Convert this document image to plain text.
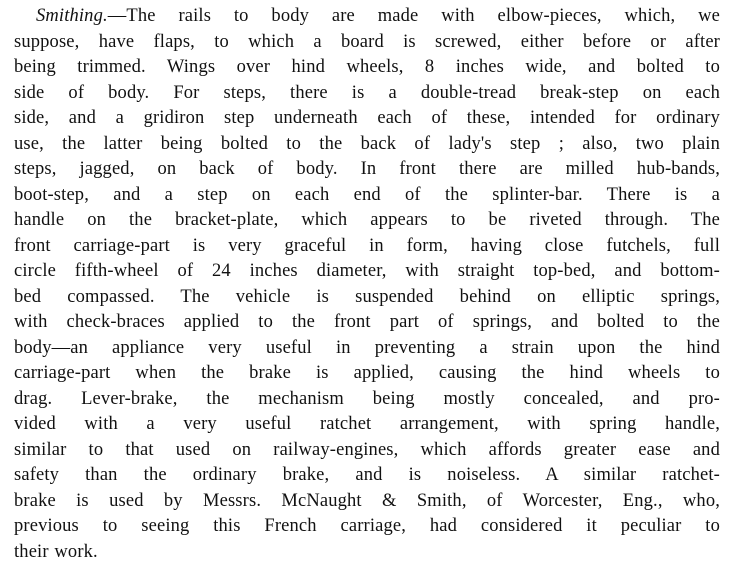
Smithing.—The rails to body are made with elbow-pieces, which, we
suppose, have flaps, to which a board is screwed, either before or after
being trimmed. Wings over hind wheels, 8 inches wide, and bolted to
side of body. For steps, there is a double-tread break-step on each
side, and a gridiron step underneath each of these, intended for ordinary
use, the latter being bolted to the back of lady's step ; also, two plain
steps, jagged, on back of body. In front there are milled hub-bands,
boot-step, and a step on each end of the splinter-bar. There is a
handle on the bracket-plate, which appears to be riveted through. The
front carriage-part is very graceful in form, having close futchels, full
circle fifth-wheel of 24 inches diameter, with straight top-bed, and bottom-
bed compassed. The vehicle is suspended behind on elliptic springs,
with check-braces applied to the front part of springs, and bolted to the
body—an appliance very useful in preventing a strain upon the hind
carriage-part when the brake is applied, causing the hind wheels to
drag. Lever-brake, the mechanism being mostly concealed, and pro-
vided with a very useful ratchet arrangement, with spring handle,
similar to that used on railway-engines, which affords greater ease and
safety than the ordinary brake, and is noiseless. A similar ratchet-
brake is used by Messrs. McNaught & Smith, of Worcester, Eng., who,
previous to seeing this French carriage, had considered it peculiar to
their work.
